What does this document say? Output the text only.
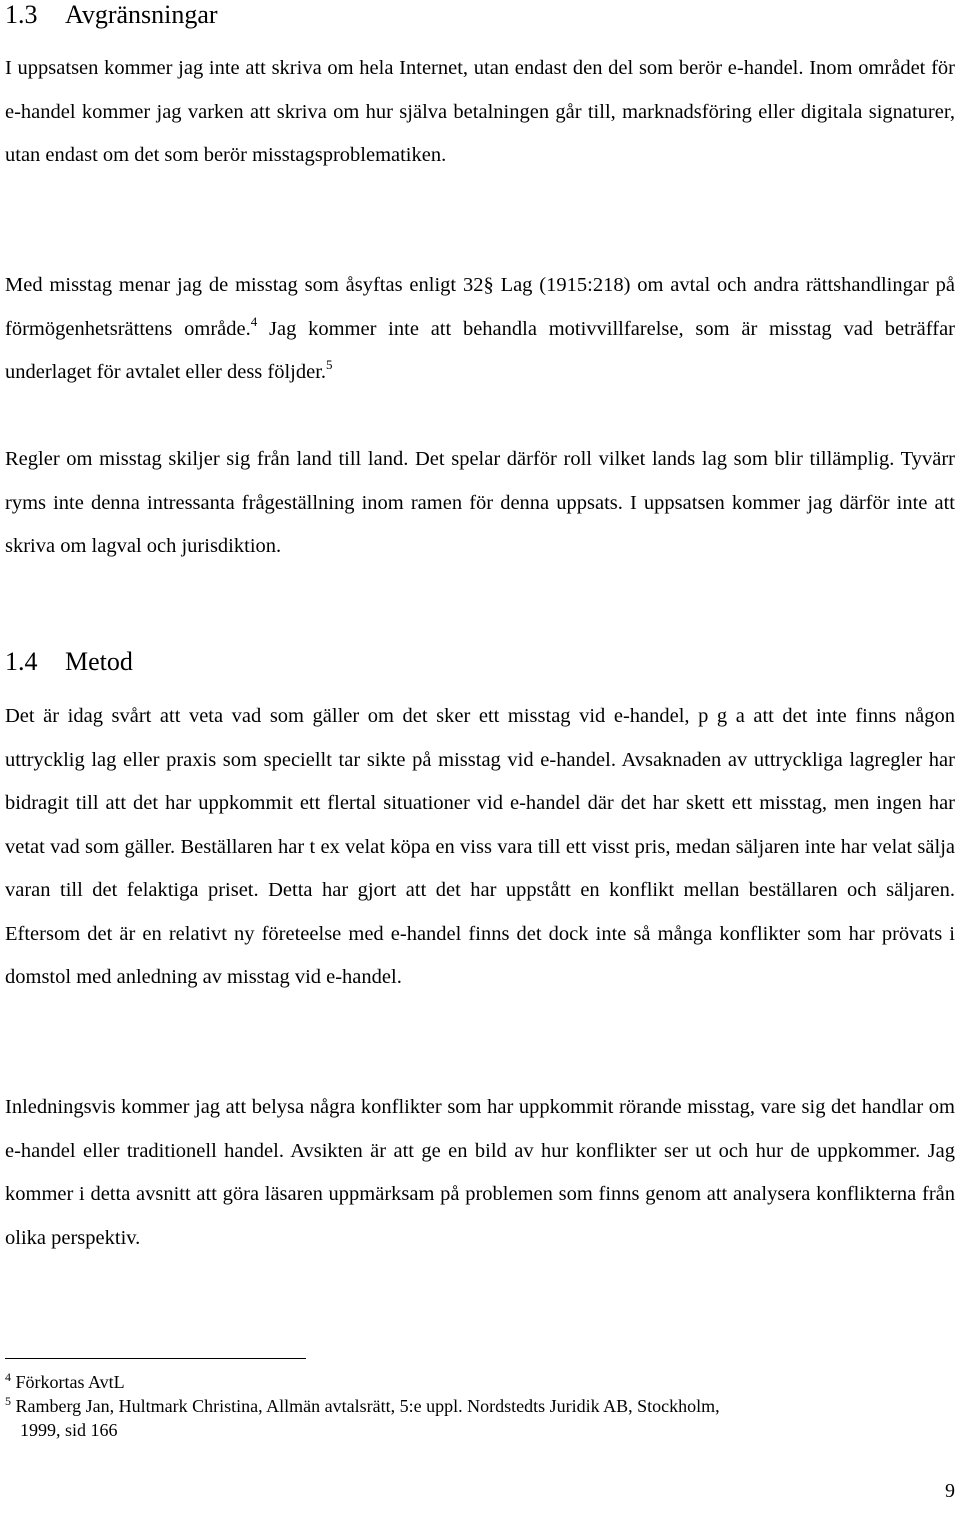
1.3 Avgränsningar

I uppsatsen kommer jag inte att skriva om hela Internet, utan endast den del som berör e-handel. Inom området för e-handel kommer jag varken att skriva om hur själva betalningen går till, marknadsföring eller digitala signaturer, utan endast om det som berör misstagsproblematiken.

Med misstag menar jag de misstag som åsyftas enligt 32§ Lag (1915:218) om avtal och andra rättshandlingar på förmögenhetsrättens område.$^4$ Jag kommer inte att behandla motivvillfarelse, som är misstag vad beträffar underlaget för avtalet eller dess följder.$^5$

Regler om misstag skiljer sig från land till land. Det spelar därför roll vilket lands lag som blir tillämplig. Tyvärr ryms inte denna intressanta frågeställning inom ramen för denna uppsats. I uppsatsen kommer jag därför inte att skriva om lagval och jurisdiktion.

1.4 Metod

Det är idag svårt att veta vad som gäller om det sker ett misstag vid e-handel, p g a att det inte finns någon uttrycklig lag eller praxis som speciellt tar sikte på misstag vid e-handel. Avsaknaden av uttryckliga lagregler har bidragit till att det har uppkommit ett flertal situationer vid e-handel där det har skett ett misstag, men ingen har vetat vad som gäller. Beställaren har t ex velat köpa en viss vara till ett visst pris, medan säljaren inte har velat sälja varan till det felaktiga priset. Detta har gjort att det har uppstått en konflikt mellan beställaren och säljaren. Eftersom det är en relativt ny företeelse med e-handel finns det dock inte så många konflikter som har prövats i domstol med anledning av misstag vid e-handel.

Inledningsvis kommer jag att belysa några konflikter som har uppkommit rörande misstag, vare sig det handlar om e-handel eller traditionell handel. Avsikten är att ge en bild av hur konflikter ser ut och hur de uppkommer. Jag kommer i detta avsnitt att göra läsaren uppmärksam på problemen som finns genom att analysera konflikterna från olika perspektiv.

$^4$ Förkortas AvtL
$^5$ Ramberg Jan, Hultmark Christina, Allmän avtalsrätt, 5:e uppl. Nordstedts Juridik AB, Stockholm,
1999, sid 166
9
